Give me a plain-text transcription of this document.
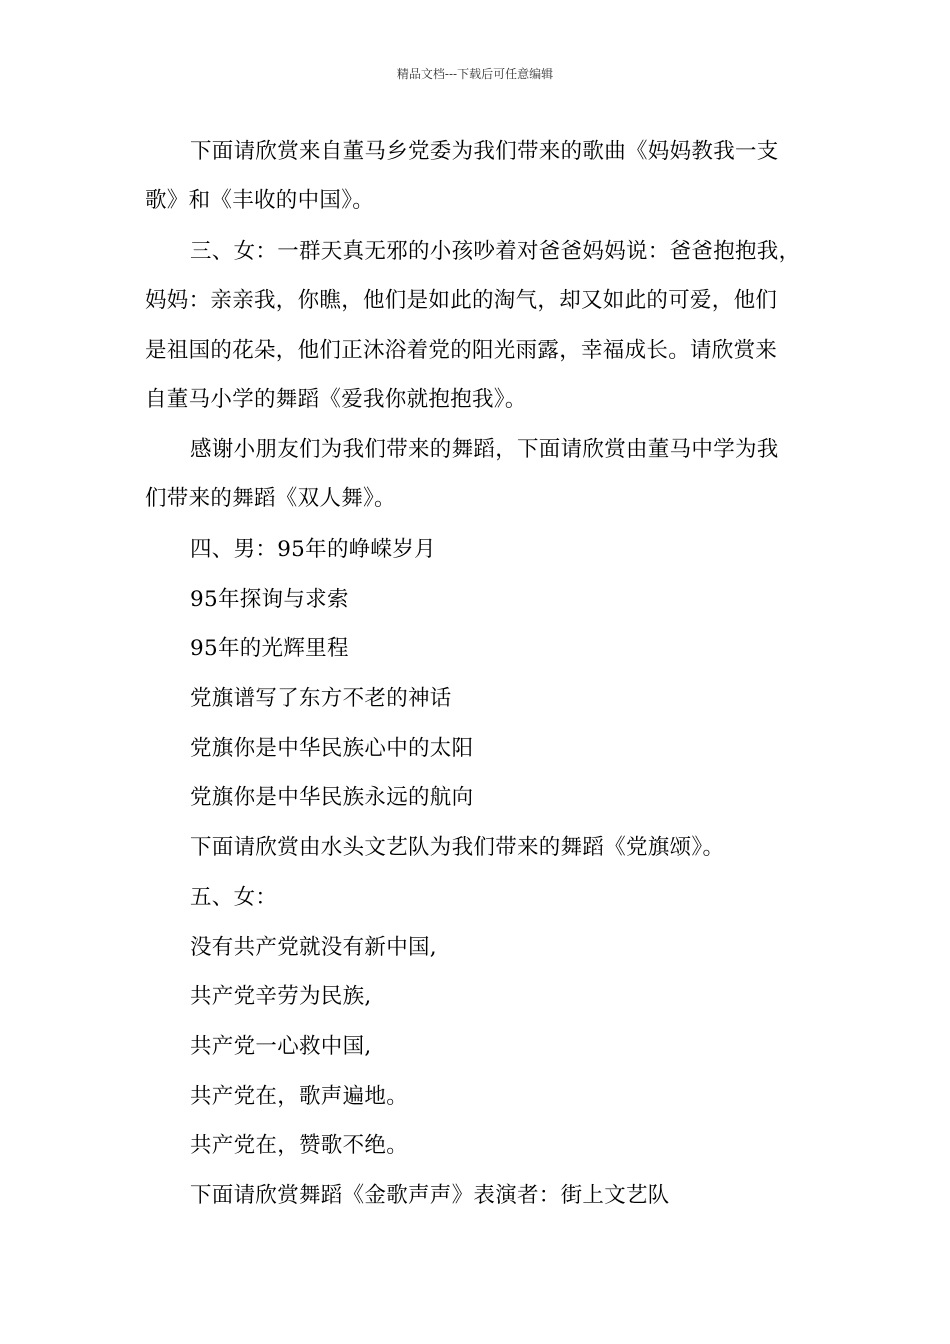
精品文档---下载后可任意编辑
下面请欣赏来自董马乡党委为我们带来的歌曲《妈妈教我一支
歌》和《丰收的中国》。
三、女：一群天真无邪的小孩吵着对爸爸妈妈说：爸爸抱抱我，
妈妈：亲亲我，你瞧，他们是如此的淘气，却又如此的可爱，他们
是祖国的花朵，他们正沐浴着党的阳光雨露，幸福成长。请欣赏来
自董马小学的舞蹈《爱我你就抱抱我》。
感谢小朋友们为我们带来的舞蹈，下面请欣赏由董马中学为我
们带来的舞蹈《双人舞》。
四、男：95年的峥嵘岁月
95年探询与求索
95年的光辉里程
党旗谱写了东方不老的神话
党旗你是中华民族心中的太阳
党旗你是中华民族永远的航向
下面请欣赏由水头文艺队为我们带来的舞蹈《党旗颂》。
五、女：
没有共产党就没有新中国,
共产党辛劳为民族,
共产党一心救中国,
共产党在，歌声遍地。
共产党在，赞歌不绝。
下面请欣赏舞蹈《金歌声声》表演者：街上文艺队
